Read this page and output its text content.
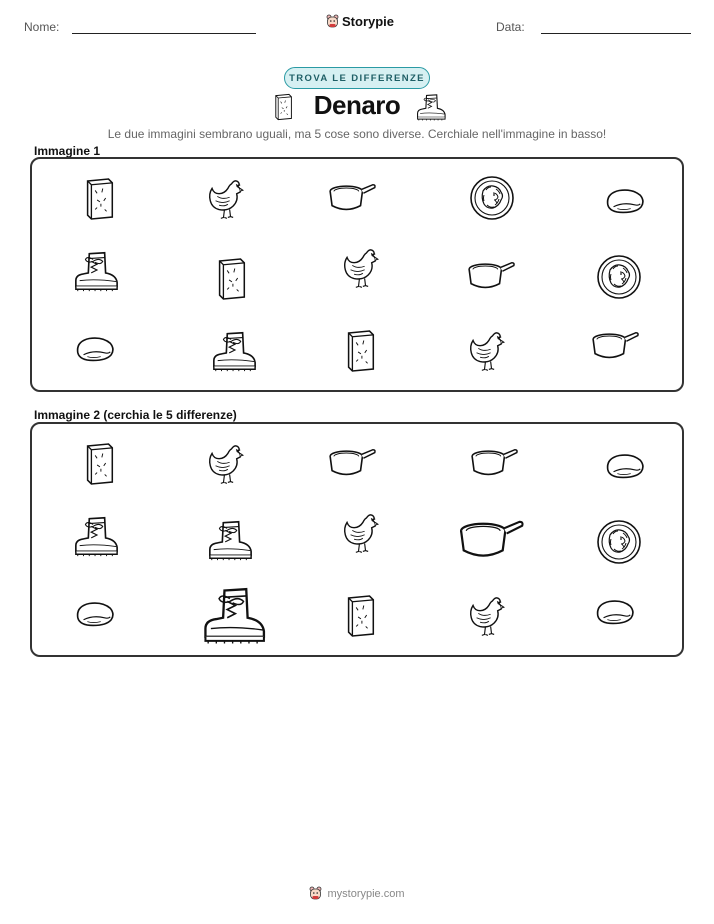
Nome:	Storypie	Data:
TROVA LE DIFFERENZE
Denaro
Le due immagini sembrano uguali, ma 5 cose sono diverse. Cerchiale nell'immagine in basso!
Immagine 1
Immagine 2 (cerchia le 5 differenze)
mystorypie.com
